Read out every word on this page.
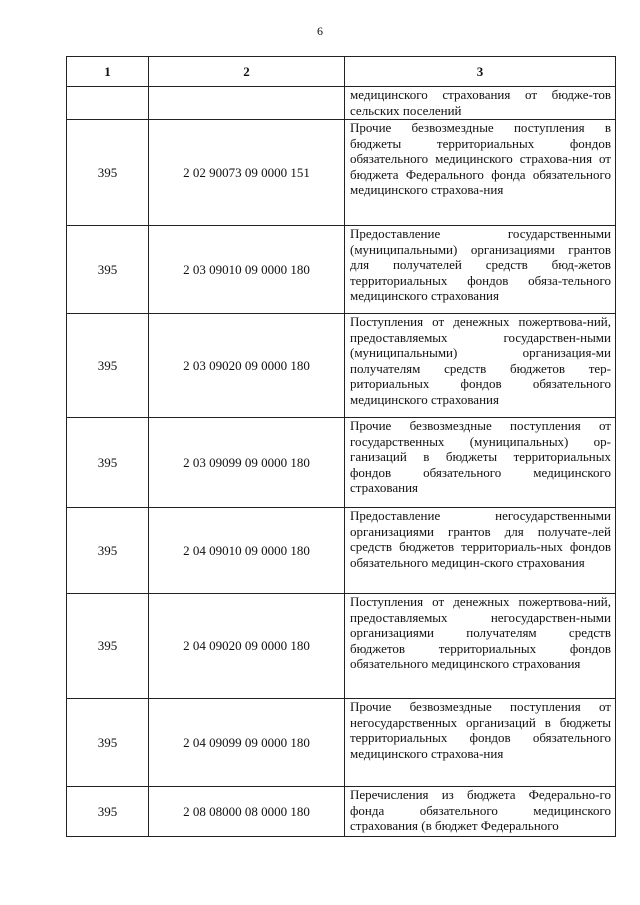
6
1	2	3
		медицинского страхования от бюдже-тов сельских поселений
395	2 02 90073 09 0000 151	Прочие безвозмездные поступления в бюджеты территориальных фондов обязательного медицинского страхова-ния от бюджета Федерального фонда обязательного медицинского страхова-ния
395	2 03 09010 09 0000 180	Предоставление государственными (муниципальными) организациями грантов для получателей средств бюд-жетов территориальных фондов обяза-тельного медицинского страхования
395	2 03 09020 09 0000 180	Поступления от денежных пожертвова-ний, предоставляемых государствен-ными (муниципальными) организация-ми получателям средств бюджетов тер-риториальных фондов обязательного медицинского страхования
395	2 03 09099 09 0000 180	Прочие безвозмездные поступления от государственных (муниципальных) ор-ганизаций в бюджеты территориальных фондов обязательного медицинского страхования
395	2 04 09010 09 0000 180	Предоставление негосударственными организациями грантов для получате-лей средств бюджетов территориаль-ных фондов обязательного медицин-ского страхования
395	2 04 09020 09 0000 180	Поступления от денежных пожертвова-ний, предоставляемых негосударствен-ными организациями получателям средств бюджетов территориальных фондов обязательного медицинского страхования
395	2 04 09099 09 0000 180	Прочие безвозмездные поступления от негосударственных организаций в бюджеты территориальных фондов обязательного медицинского страхова-ния
395	2 08 08000 08 0000 180	Перечисления из бюджета Федерально-го фонда обязательного медицинского страхования (в бюджет Федерального
